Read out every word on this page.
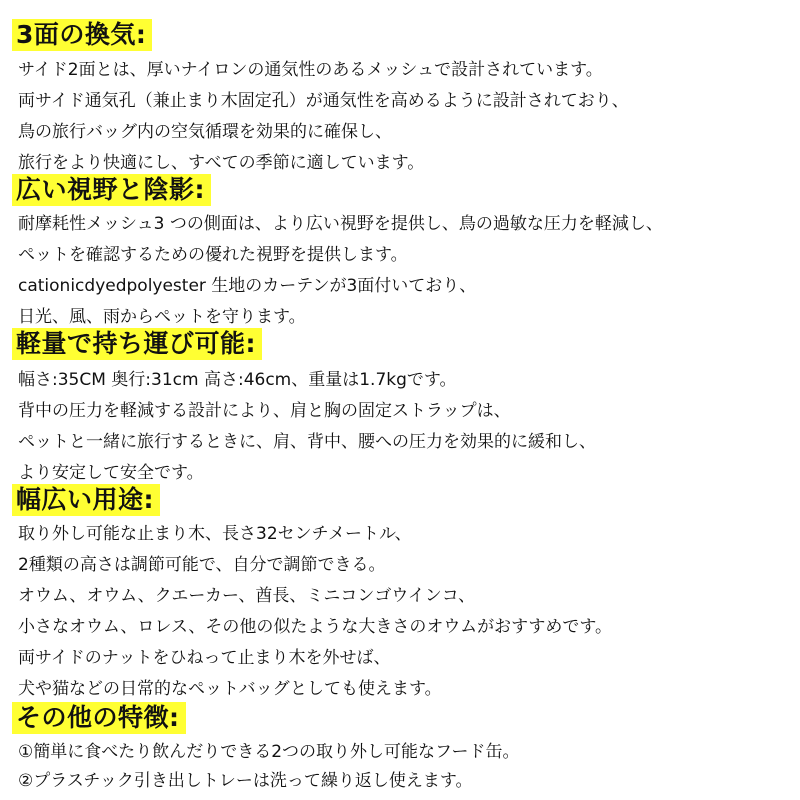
3面の換気:
サイド2面とは、厚いナイロンの通気性のあるメッシュで設計されています。
両サイド通気孔（兼止まり木固定孔）が通気性を高めるように設計されており、
鳥の旅行バッグ内の空気循環を効果的に確保し、
旅行をより快適にし、すべての季節に適しています。
広い視野と陰影:
耐摩耗性メッシュ3 つの側面は、より広い視野を提供し、鳥の過敏な圧力を軽減し、
ペットを確認するための優れた視野を提供します。
cationicdyedpolyester 生地のカーテンが3面付いており、
日光、風、雨からペットを守ります。
軽量で持ち運び可能:
幅さ:35CM 奥行:31cm 高さ:46cm、重量は1.7kgです。
背中の圧力を軽減する設計により、肩と胸の固定ストラップは、
ペットと一緒に旅行するときに、肩、背中、腰への圧力を効果的に緩和し、
より安定して安全です。
幅広い用途:
取り外し可能な止まり木、長さ32センチメートル、
2種類の高さは調節可能で、自分で調節できる。
オウム、オウム、クエーカー、酋長、ミニコンゴウインコ、
小さなオウム、ロレス、その他の似たような大きさのオウムがおすすめです。
両サイドのナットをひねって止まり木を外せば、
犬や猫などの日常的なペットバッグとしても使えます。
その他の特徴:
①簡単に食べたり飲んだりできる2つの取り外し可能なフード缶。
②プラスチック引き出しトレーは洗って繰り返し使えます。
